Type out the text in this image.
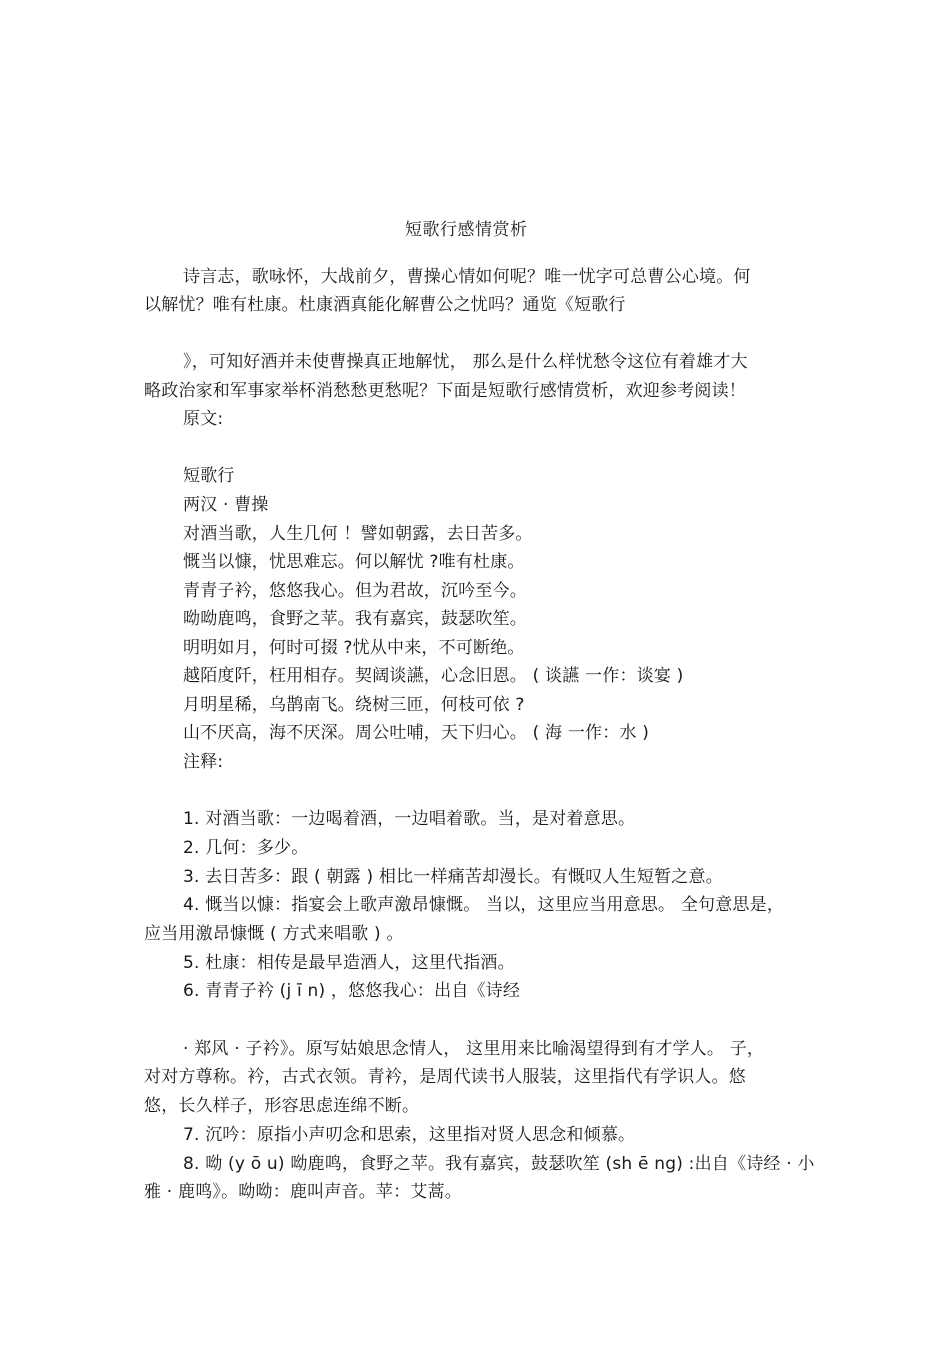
短歌行感情赏析
诗言志，歌咏怀，大战前夕，曹操心情如何呢？唯一忧字可总曹公心境。何
以解忧？唯有杜康。杜康酒真能化解曹公之忧吗？通览《短歌行
》，可知好酒并未使曹操真正地解忧， 那么是什么样忧愁令这位有着雄才大
略政治家和军事家举杯消愁愁更愁呢？下面是短歌行感情赏析，欢迎参考阅读！
原文:
短歌行
两汉 · 曹操
对酒当歌，人生几何 ！譬如朝露，去日苦多。
慨当以慷，忧思难忘。何以解忧 ?唯有杜康。
青青子衿，悠悠我心。但为君故，沉吟至今。
呦呦鹿鸣，食野之苹。我有嘉宾，鼓瑟吹笙。
明明如月，何时可掇 ?忧从中来，不可断绝。
越陌度阡，枉用相存。契阔谈讌，心念旧恩。 ( 谈讌 一作：谈宴 )
月明星稀，乌鹊南飞。绕树三匝，何枝可依 ?
山不厌高，海不厌深。周公吐哺，天下归心。 ( 海 一作：水 )
注释:
1. 对酒当歌：一边喝着酒，一边唱着歌。当，是对着意思。
2. 几何：多少。
3. 去日苦多：跟 ( 朝露 ) 相比一样痛苦却漫长。有慨叹人生短暂之意。
4. 慨当以慷：指宴会上歌声激昂慷慨。 当以，这里应当用意思。 全句意思是，
应当用激昂慷慨 ( 方式来唱歌 ) 。
5. 杜康：相传是最早造酒人，这里代指酒。
6. 青青子衿 (j ī n) ，悠悠我心：出自《诗经
· 郑风 · 子衿》。原写姑娘思念情人， 这里用来比喻渴望得到有才学人。 子，
对对方尊称。衿，古式衣领。青衿，是周代读书人服装，这里指代有学识人。悠
悠，长久样子，形容思虑连绵不断。
7. 沉吟：原指小声叨念和思索，这里指对贤人思念和倾慕。
8. 呦 (y ō u) 呦鹿鸣，食野之苹。我有嘉宾，鼓瑟吹笙 (sh ē ng) :出自《诗经 · 小
雅 · 鹿鸣》。呦呦：鹿叫声音。苹：艾蒿。
